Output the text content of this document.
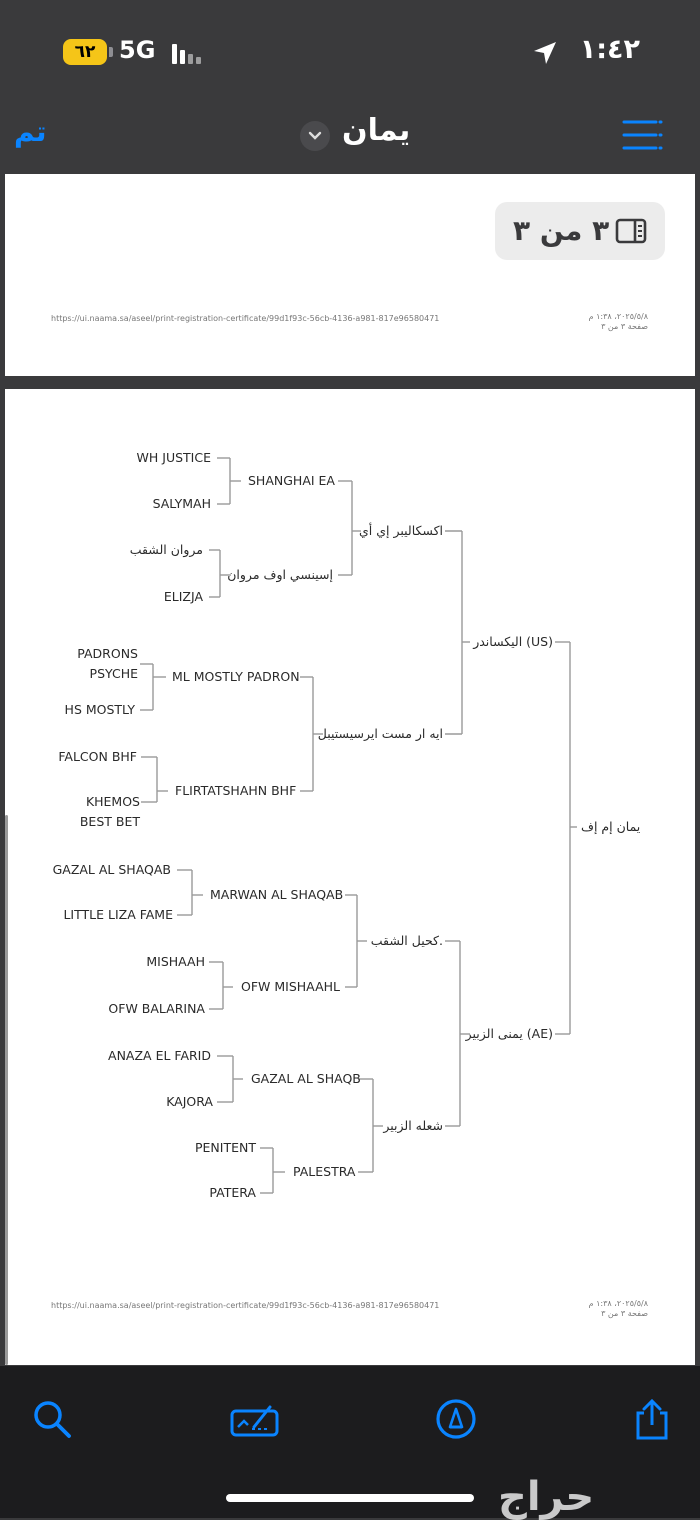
٦٢ 5G	١:٤٢
تم	يمان
٣ من ٣
https://ui.naama.sa/aseel/print-registration-certificate/99d1f93c-56cb-4136-a981-817e96580471	٢٠٢٥/٥/٨، ١:٣٨ م
صفحة ٣ من ٣
يمان إم إف
اليكساندر (US)
يمنى الزبير (AE)
اكسكاليبر إي أي
ايه ار مست ايرسيستيبل
كحيل الشقب.
شعله الزبير
SHANGHAI EA
إسينسي اوف مروان
ML MOSTLY PADRON
FLIRTATSHAHN BHF
MARWAN AL SHAQAB
OFW MISHAAHL
GAZAL AL SHAQB
PALESTRA
WH JUSTICE
SALYMAH
مروان الشقب
ELIZJA
PADRONS PSYCHE
HS MOSTLY
FALCON BHF
KHEMOS BEST BET
GAZAL AL SHAQAB
LITTLE LIZA FAME
MISHAAH
OFW BALARINA
ANAZA EL FARID
KAJORA
PENITENT
PATERA
https://ui.naama.sa/aseel/print-registration-certificate/99d1f93c-56cb-4136-a981-817e96580471	٢٠٢٥/٥/٨، ١:٣٨ م
صفحة ٣ من ٣
حراج
